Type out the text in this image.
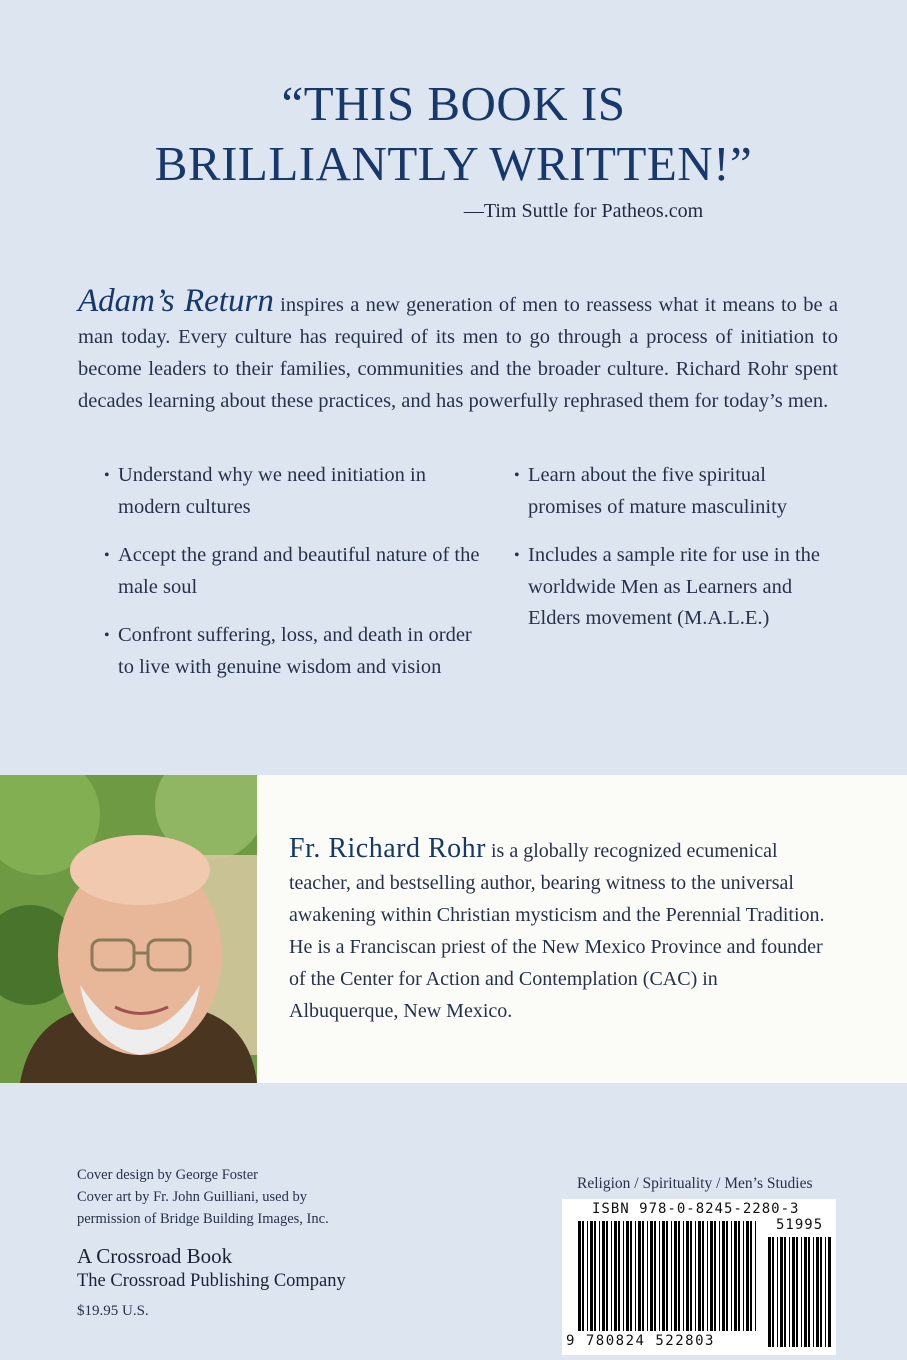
“THIS BOOK IS
BRILLIANTLY WRITTEN!”
—Tim Suttle for Patheos.com

Adam’s Return inspires a new generation of men to reassess what it means to be a man today. Every culture has required of its men to go through a process of initiation to become leaders to their families, communities and the broader culture. Richard Rohr spent decades learning about these practices, and has powerfully rephrased them for today’s men.

• Understand why we need initiation in modern cultures
• Accept the grand and beautiful nature of the male soul
• Confront suffering, loss, and death in order to live with genuine wisdom and vision
• Learn about the five spiritual promises of mature masculinity
• Includes a sample rite for use in the worldwide Men as Learners and Elders movement (M.A.L.E.)

Fr. Richard Rohr is a globally recognized ecumenical teacher, and bestselling author, bearing witness to the universal awakening within Christian mysticism and the Perennial Tradition. He is a Franciscan priest of the New Mexico Province and founder of the Center for Action and Contemplation (CAC) in Albuquerque, New Mexico.

Cover design by George Foster
Cover art by Fr. John Guilliani, used by
permission of Bridge Building Images, Inc.
A Crossroad Book
The Crossroad Publishing Company
$19.95 U.S.
Religion / Spirituality / Men’s Studies
ISBN 978-0-8245-2280-3
51995
9 780824 522803
